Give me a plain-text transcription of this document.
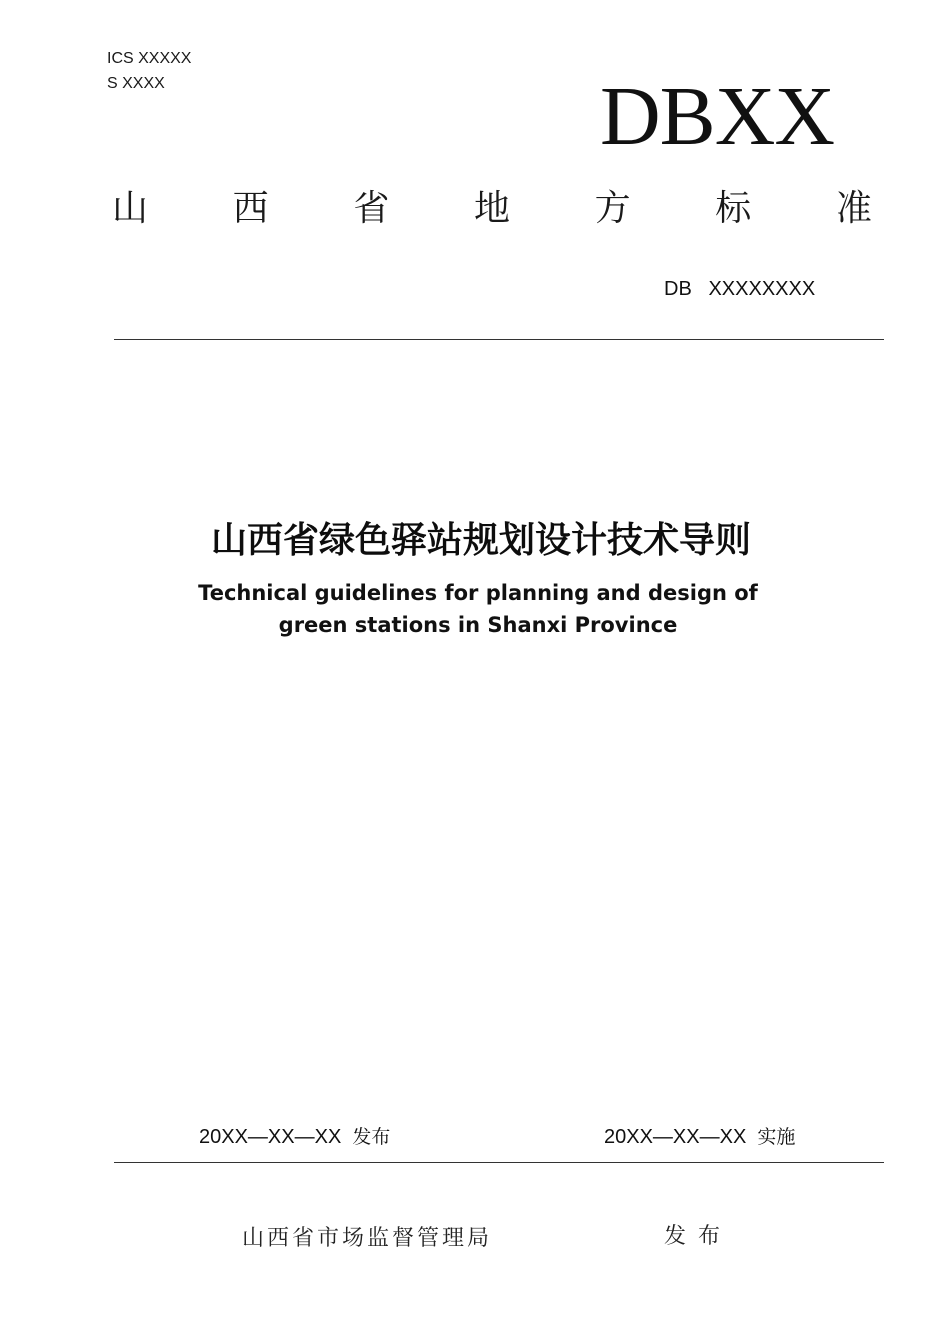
ICS XXXXX
S XXXX	DBXX
山 西 省 地 方 标 准
DB   XXXXXXXX
山西省绿色驿站规划设计技术导则
Technical guidelines for planning and design of
green stations in Shanxi Province
20XX—XX—XX 发布	20XX—XX—XX 实施
山西省市场监督管理局	发布
